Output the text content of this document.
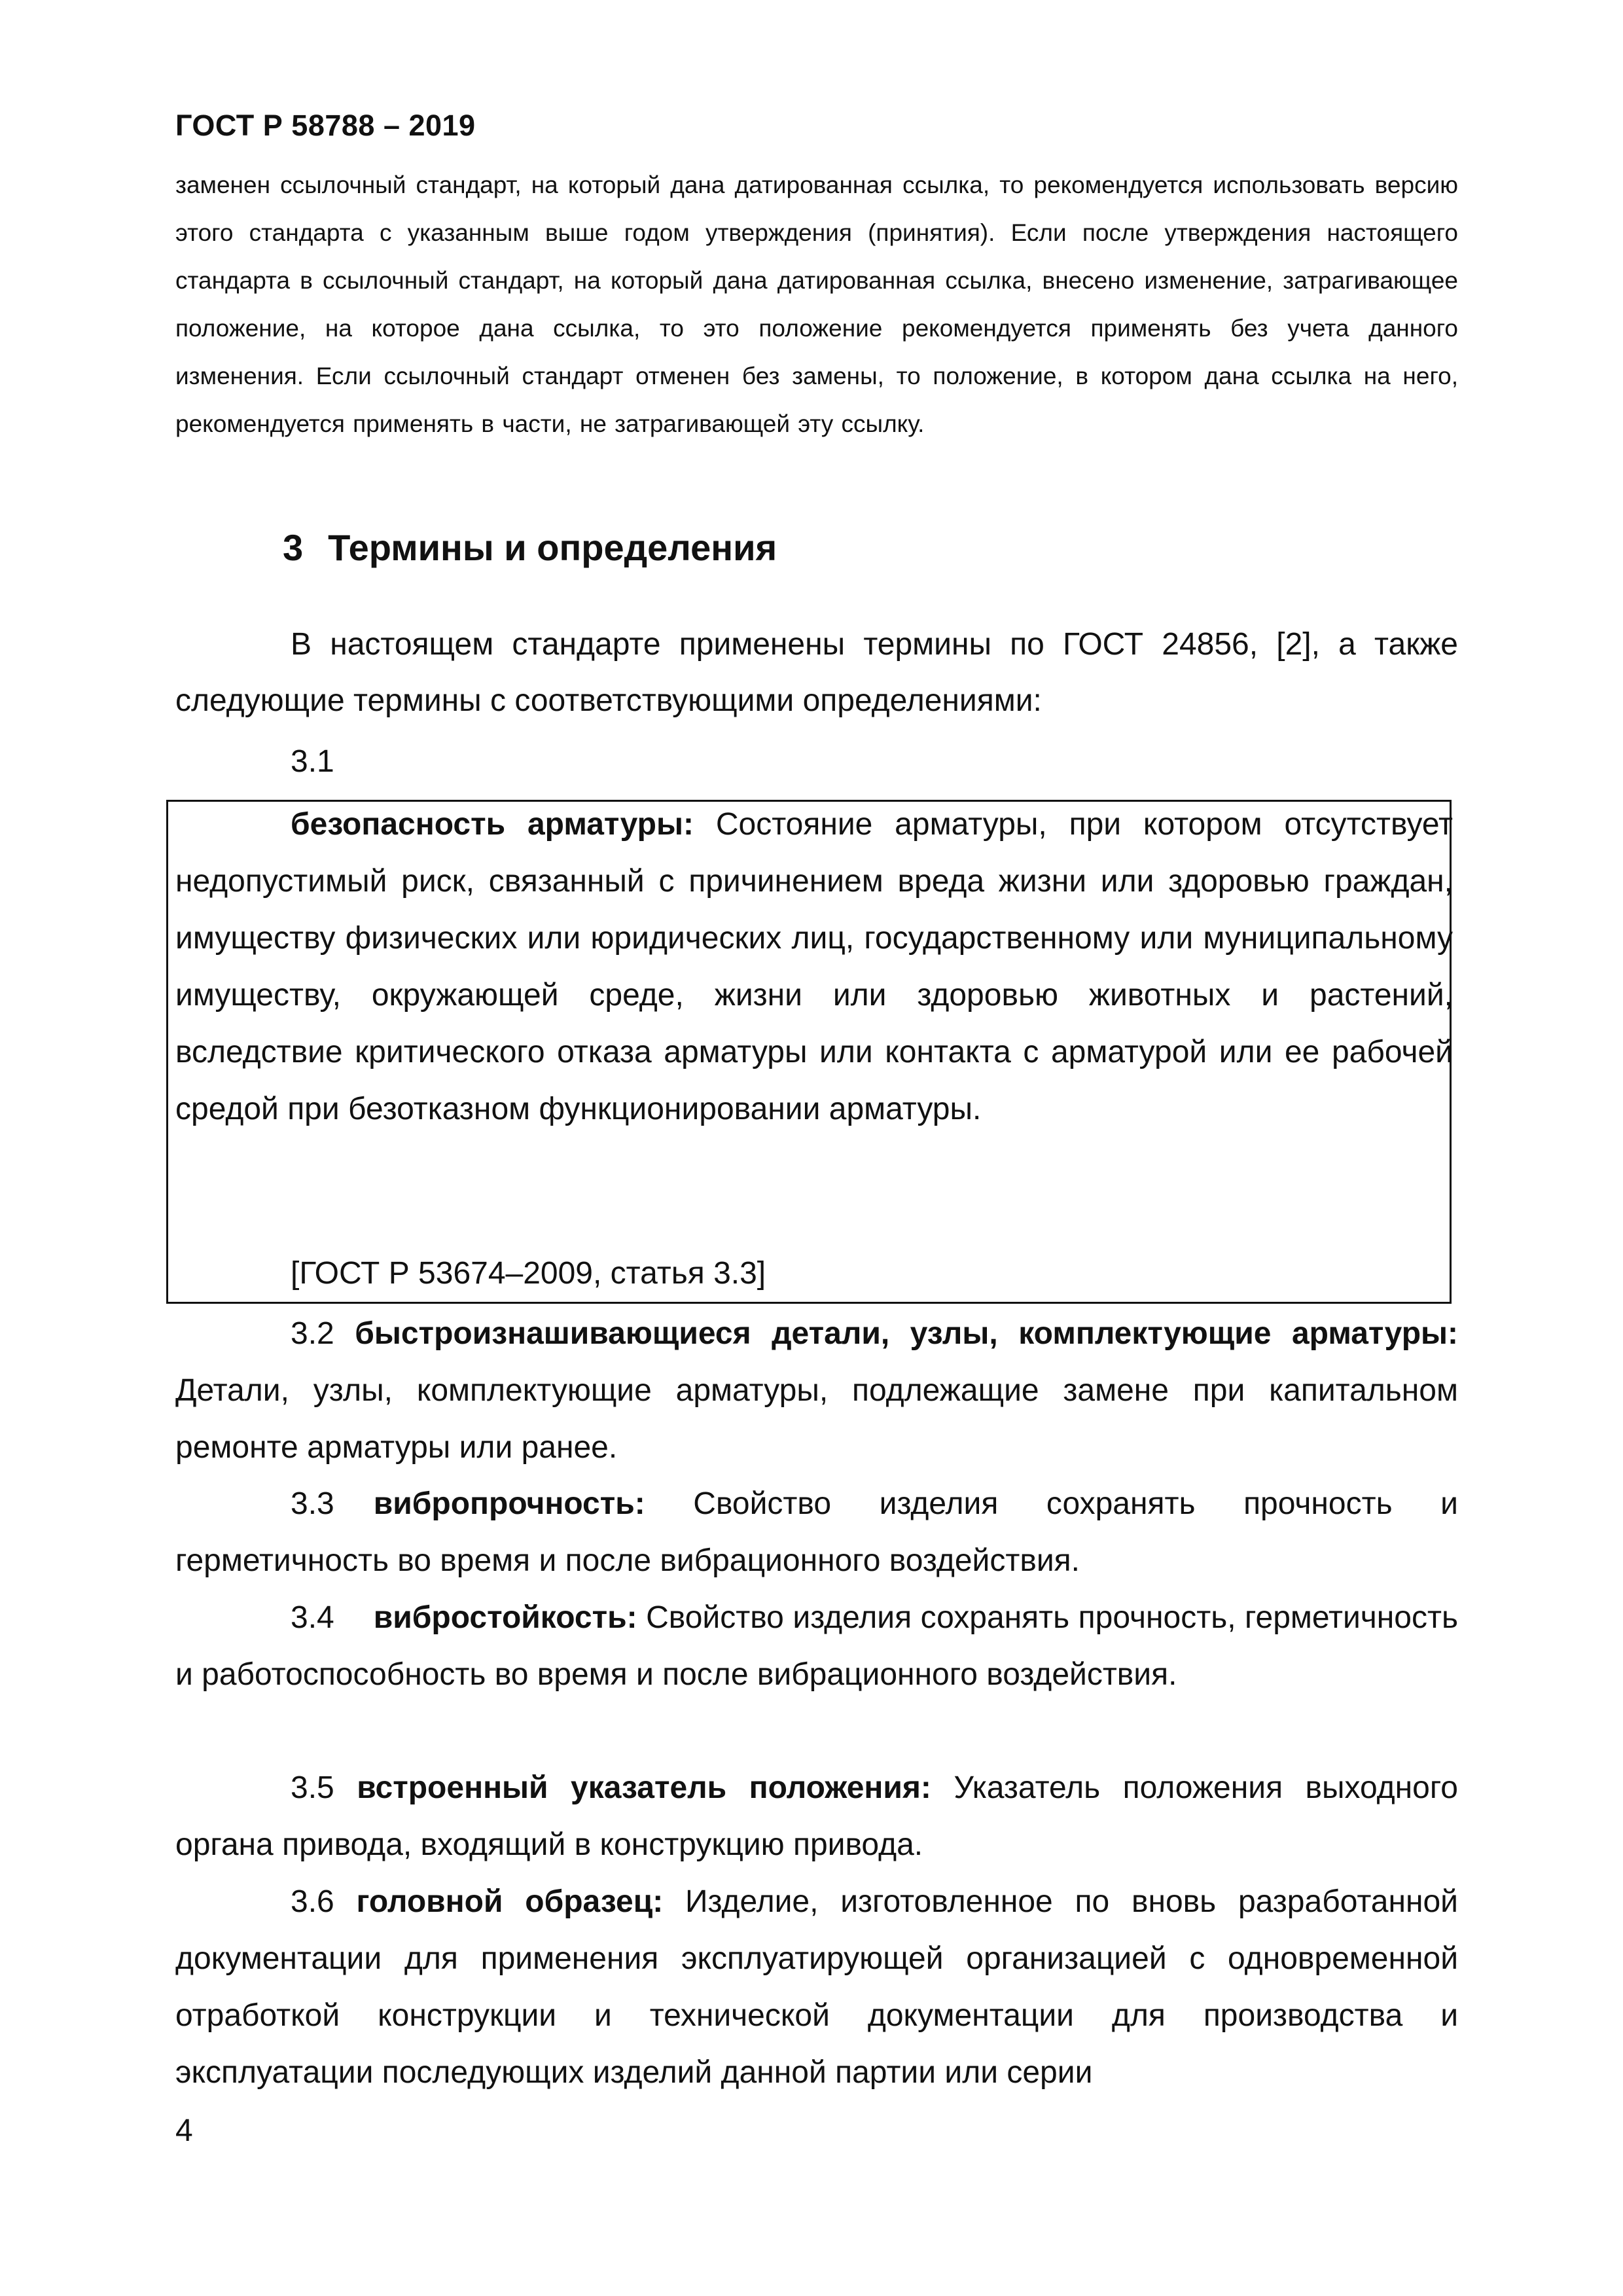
ГОСТ Р 58788 – 2019
заменен ссылочный стандарт, на который дана датированная ссылка, то рекомендуется использовать версию этого стандарта с указанным выше годом утверждения (принятия). Если после утверждения настоящего стандарта в ссылочный стандарт, на который дана датированная ссылка, внесено изменение, затрагивающее положение, на которое дана ссылка, то это положение рекомендуется применять без учета данного изменения. Если ссылочный стандарт отменен без замены, то положение, в котором дана ссылка на него, рекомендуется применять в части, не затрагивающей эту ссылку.
3 Термины и определения
В настоящем стандарте применены термины по ГОСТ 24856, [2], а также следующие термины с соответствующими определениями:
3.1
безопасность арматуры: Состояние арматуры, при котором отсутствует недопустимый риск, связанный с причинением вреда жизни или здоровью граждан, имуществу физических или юридических лиц, государственному или муниципальному имуществу, окружающей среде, жизни или здоровью животных и растений, вследствие критического отказа арматуры или контакта с арматурой или ее рабочей средой при безотказном функционировании арматуры.
[ГОСТ Р 53674–2009, статья 3.3]
3.2 быстроизнашивающиеся детали, узлы, комплектующие арматуры: Детали, узлы, комплектующие арматуры, подлежащие замене при капитальном ремонте арматуры или ранее.
3.3 вибропрочность: Свойство изделия сохранять прочность и герметичность во время и после вибрационного воздействия.
3.4 вибростойкость: Свойство изделия сохранять прочность, герметичность и работоспособность во время и после вибрационного воздействия.
3.5 встроенный указатель положения: Указатель положения выходного органа привода, входящий в конструкцию привода.
3.6 головной образец: Изделие, изготовленное по вновь разработанной документации для применения эксплуатирующей организацией с одновременной отработкой конструкции и технической документации для производства и эксплуатации последующих изделий данной партии или серии
4
